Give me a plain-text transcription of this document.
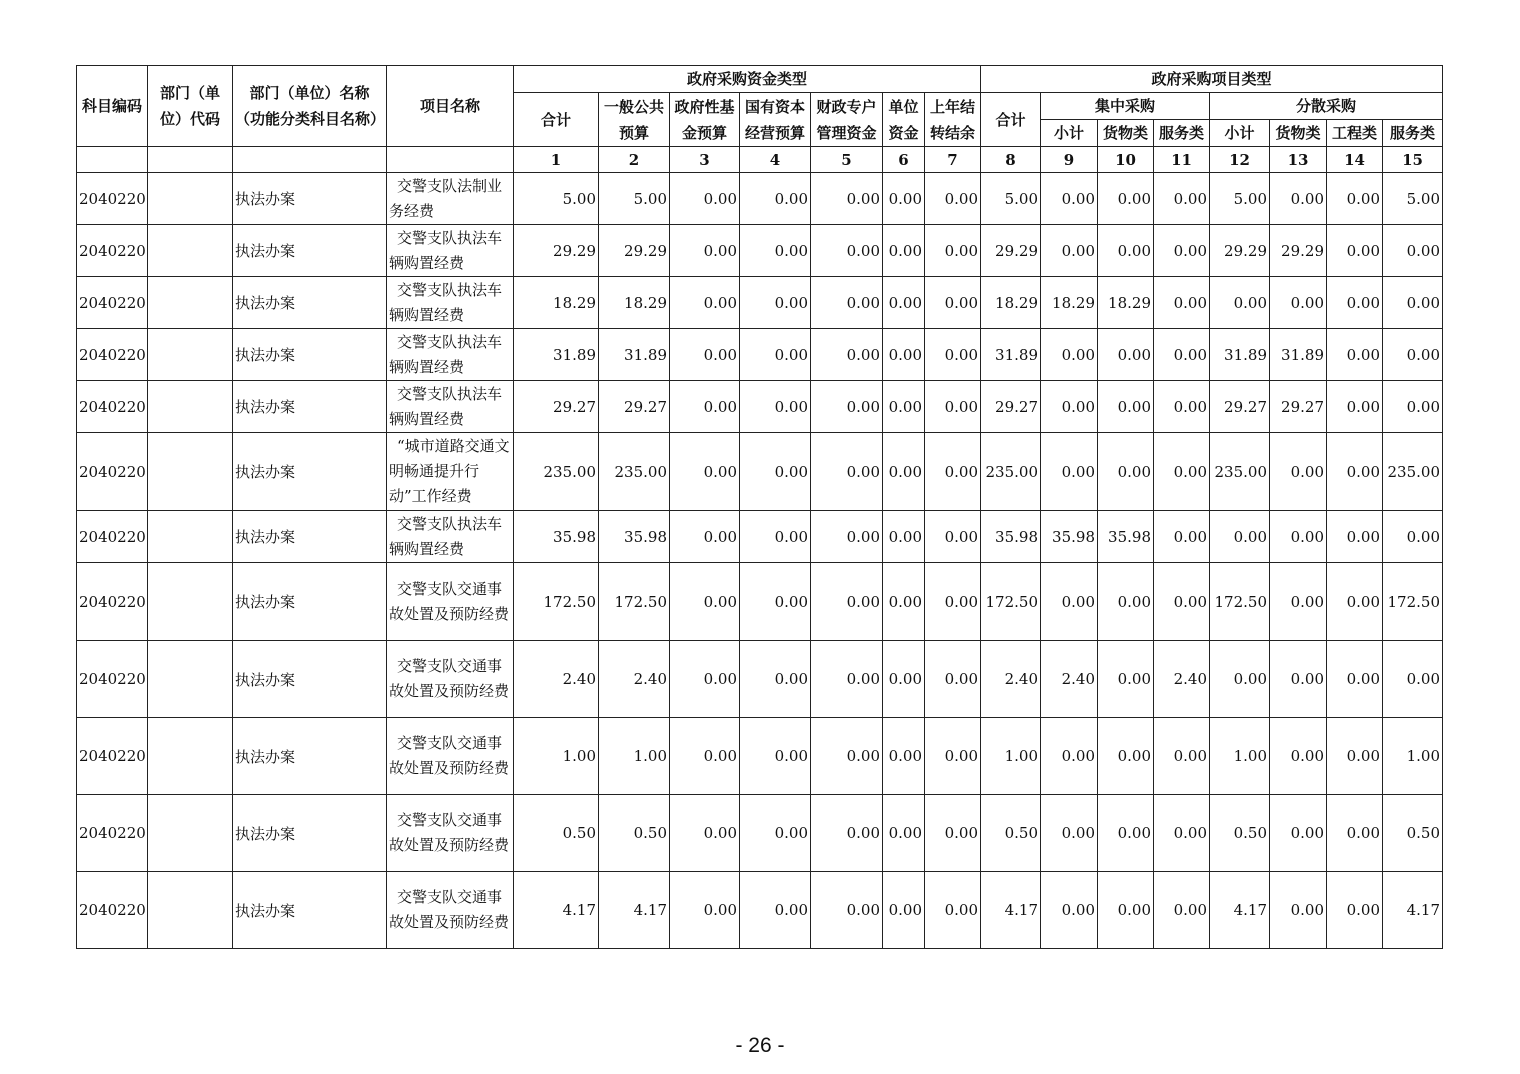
科目编码	部门（单位）代码	部门（单位）名称（功能分类科目名称）	项目名称	政府采购资金类型							政府采购项目类型							
				合计	一般公共预算	政府性基金预算	国有资本经营预算	财政专户管理资金	单位资金	上年结转结余	合计	集中采购			分散采购			
												小计	货物类	服务类	小计	货物类	工程类	服务类
				1	2	3	4	5	6	7	8	9	10	11	12	13	14	15
2040220		执法办案	交警支队法制业务经费	5.00	5.00	0.00	0.00	0.00	0.00	0.00	5.00	0.00	0.00	0.00	5.00	0.00	0.00	5.00
2040220		执法办案	交警支队执法车辆购置经费	29.29	29.29	0.00	0.00	0.00	0.00	0.00	29.29	0.00	0.00	0.00	29.29	29.29	0.00	0.00
2040220		执法办案	交警支队执法车辆购置经费	18.29	18.29	0.00	0.00	0.00	0.00	0.00	18.29	18.29	18.29	0.00	0.00	0.00	0.00	0.00
2040220		执法办案	交警支队执法车辆购置经费	31.89	31.89	0.00	0.00	0.00	0.00	0.00	31.89	0.00	0.00	0.00	31.89	31.89	0.00	0.00
2040220		执法办案	交警支队执法车辆购置经费	29.27	29.27	0.00	0.00	0.00	0.00	0.00	29.27	0.00	0.00	0.00	29.27	29.27	0.00	0.00
2040220		执法办案	“城市道路交通文明畅通提升行动”工作经费	235.00	235.00	0.00	0.00	0.00	0.00	0.00	235.00	0.00	0.00	0.00	235.00	0.00	0.00	235.00
2040220		执法办案	交警支队执法车辆购置经费	35.98	35.98	0.00	0.00	0.00	0.00	0.00	35.98	35.98	35.98	0.00	0.00	0.00	0.00	0.00
2040220		执法办案	交警支队交通事故处置及预防经费	172.50	172.50	0.00	0.00	0.00	0.00	0.00	172.50	0.00	0.00	0.00	172.50	0.00	0.00	172.50
2040220		执法办案	交警支队交通事故处置及预防经费	2.40	2.40	0.00	0.00	0.00	0.00	0.00	2.40	2.40	0.00	2.40	0.00	0.00	0.00	0.00
2040220		执法办案	交警支队交通事故处置及预防经费	1.00	1.00	0.00	0.00	0.00	0.00	0.00	1.00	0.00	0.00	0.00	1.00	0.00	0.00	1.00
2040220		执法办案	交警支队交通事故处置及预防经费	0.50	0.50	0.00	0.00	0.00	0.00	0.00	0.50	0.00	0.00	0.00	0.50	0.00	0.00	0.50
2040220		执法办案	交警支队交通事故处置及预防经费	4.17	4.17	0.00	0.00	0.00	0.00	0.00	4.17	0.00	0.00	0.00	4.17	0.00	0.00	4.17
- 26 -
